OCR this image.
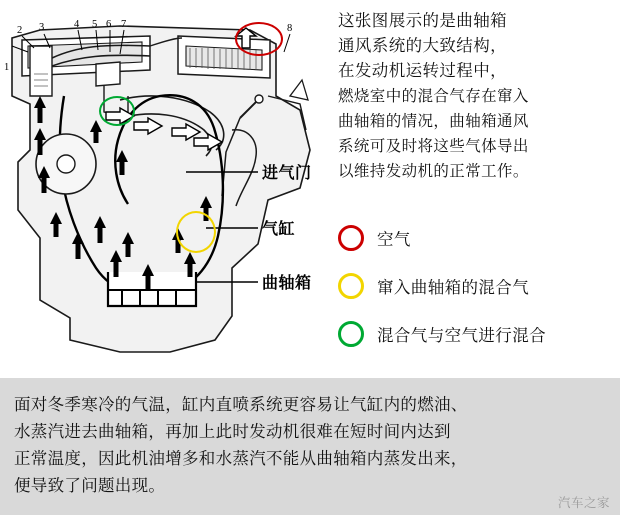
1
2 3	4 5 6 7	8
进气门
气缸
曲轴箱
这张图展示的是曲轴箱
通风系统的大致结构，
在发动机运转过程中，
燃烧室中的混合气存在窜入
曲轴箱的情况，曲轴箱通风
系统可及时将这些气体导出
以维持发动机的正常工作。
空气
窜入曲轴箱的混合气
混合气与空气进行混合
面对冬季寒冷的气温，缸内直喷系统更容易让气缸内的燃油、
水蒸汽进去曲轴箱，再加上此时发动机很难在短时间内达到
正常温度，因此机油增多和水蒸汽不能从曲轴箱内蒸发出来，
便导致了问题出现。
汽车之家
